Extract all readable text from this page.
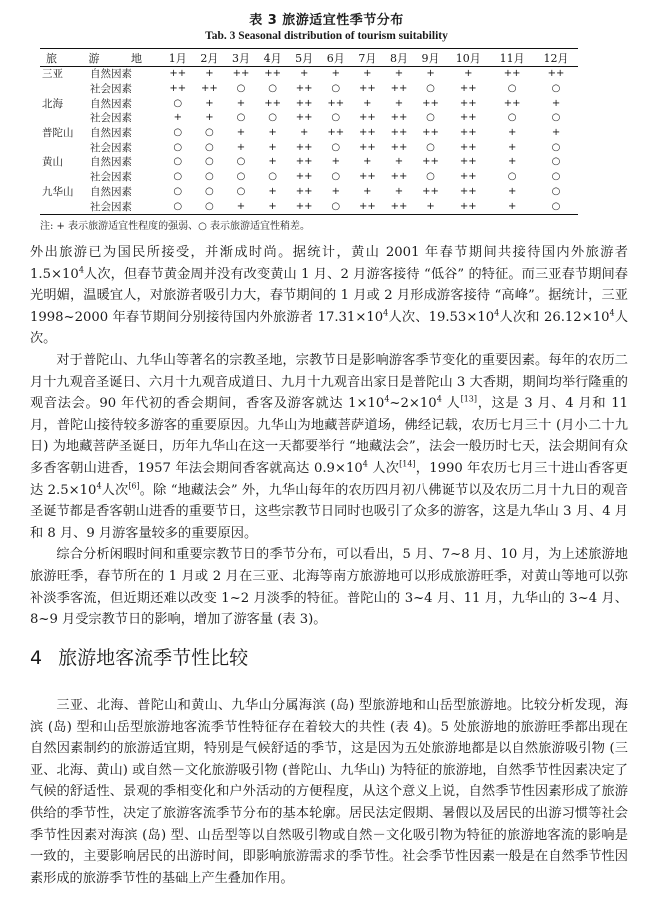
表 3 旅游适宜性季节分布
Tab. 3 Seasonal distribution of tourism suitability
旅 游 地		1月	2月	3月	4月	5月	6月	7月	8月	9月	10月	11月	12月
三亚	自然因素	++	+	++	++	+	+	+	+	+	+	++	++
	社会因素	++	++	○	○	++	○	++	++	○	++	○	○
北海	自然因素	○	+	+	++	++	++	+	+	++	++	++	+
	社会因素	+	+	○	○	++	○	++	++	○	++	○	○
普陀山	自然因素	○	○	+	+	+	++	++	++	++	++	+	+
	社会因素	○	○	+	+	++	○	++	++	○	++	+	○
黄山	自然因素	○	○	○	+	++	+	+	+	++	++	+	○
	社会因素	○	○	○	○	++	○	++	++	○	++	○	○
九华山	自然因素	○	○	○	+	++	+	+	+	++	++	+	○
	社会因素	○	○	+	+	++	○	++	++	+	++	+	○
注: + 表示旅游适宜性程度的强弱、○ 表示旅游适宜性稍差。

外出旅游已为国民所接受，并渐成时尚。据统计，黄山 2001 年春节期间共接待国内外旅游者 $1.5\times 10^4$人次，但春节黄金周并没有改变黄山 1 月、2 月游客接待 “低谷” 的特征。而三亚春节期间春光明媚，温暖宜人，对旅游者吸引力大，春节期间的 1 月或 2 月形成游客接待 “高峰”。据统计，三亚 1998~2000 年春节期间分别接待国内外旅游者 $17.31\times 10^4$人次、$19.53\times 10^4$人次和 $26.12\times 10^4$人次。

对于普陀山、九华山等著名的宗教圣地，宗教节日是影响游客季节变化的重要因素。每年的农历二月十九观音圣诞日、六月十九观音成道日、九月十九观音出家日是普陀山 3 大香期，期间均举行隆重的观音法会。90 年代初的香会期间，香客及游客就达 $1\times 10^4\sim 2\times 10^4$ 人[13]，这是 3 月、4 月和 11 月，普陀山接待较多游客的重要原因。九华山为地藏菩萨道场，佛经记载，农历七月三十 (月小二十九日) 为地藏菩萨圣诞日，历年九华山在这一天都要举行 “地藏法会”，法会一般历时七天，法会期间有众多香客朝山进香，1957 年法会期间香客就高达 $0.9\times 10^4$ 人次[14]，1990 年农历七月三十进山香客更达 $2.5\times 10^4$人次[6]。除 “地藏法会” 外，九华山每年的农历四月初八佛诞节以及农历二月十九日的观音圣诞节都是香客朝山进香的重要节日，这些宗教节日同时也吸引了众多的游客，这是九华山 3 月、4 月和 8 月、9 月游客量较多的重要原因。

综合分析闲暇时间和重要宗教节日的季节分布，可以看出，5 月、7~8 月、10 月，为上述旅游地旅游旺季，春节所在的 1 月或 2 月在三亚、北海等南方旅游地可以形成旅游旺季，对黄山等地可以弥补淡季客流，但近期还难以改变 1~2 月淡季的特征。普陀山的 3~4 月、11 月，九华山的 3~4 月、8~9 月受宗教节日的影响，增加了游客量 (表 3)。

4 旅游地客流季节性比较

三亚、北海、普陀山和黄山、九华山分属海滨 (岛) 型旅游地和山岳型旅游地。比较分析发现，海滨 (岛) 型和山岳型旅游地客流季节性特征存在着较大的共性 (表 4)。5 处旅游地的旅游旺季都出现在自然因素制约的旅游适宜期，特别是气候舒适的季节，这是因为五处旅游地都是以自然旅游吸引物 (三亚、北海、黄山) 或自然－文化旅游吸引物 (普陀山、九华山) 为特征的旅游地，自然季节性因素决定了气候的舒适性、景观的季相变化和户外活动的方便程度，从这个意义上说，自然季节性因素形成了旅游供给的季节性，决定了旅游客流季节分布的基本轮廓。居民法定假期、暑假以及居民的出游习惯等社会季节性因素对海滨 (岛) 型、山岳型等以自然吸引物或自然－文化吸引物为特征的旅游地客流的影响是一致的，主要影响居民的出游时间，即影响旅游需求的季节性。社会季节性因素一般是在自然季节性因素形成的旅游季节性的基础上产生叠加作用。
